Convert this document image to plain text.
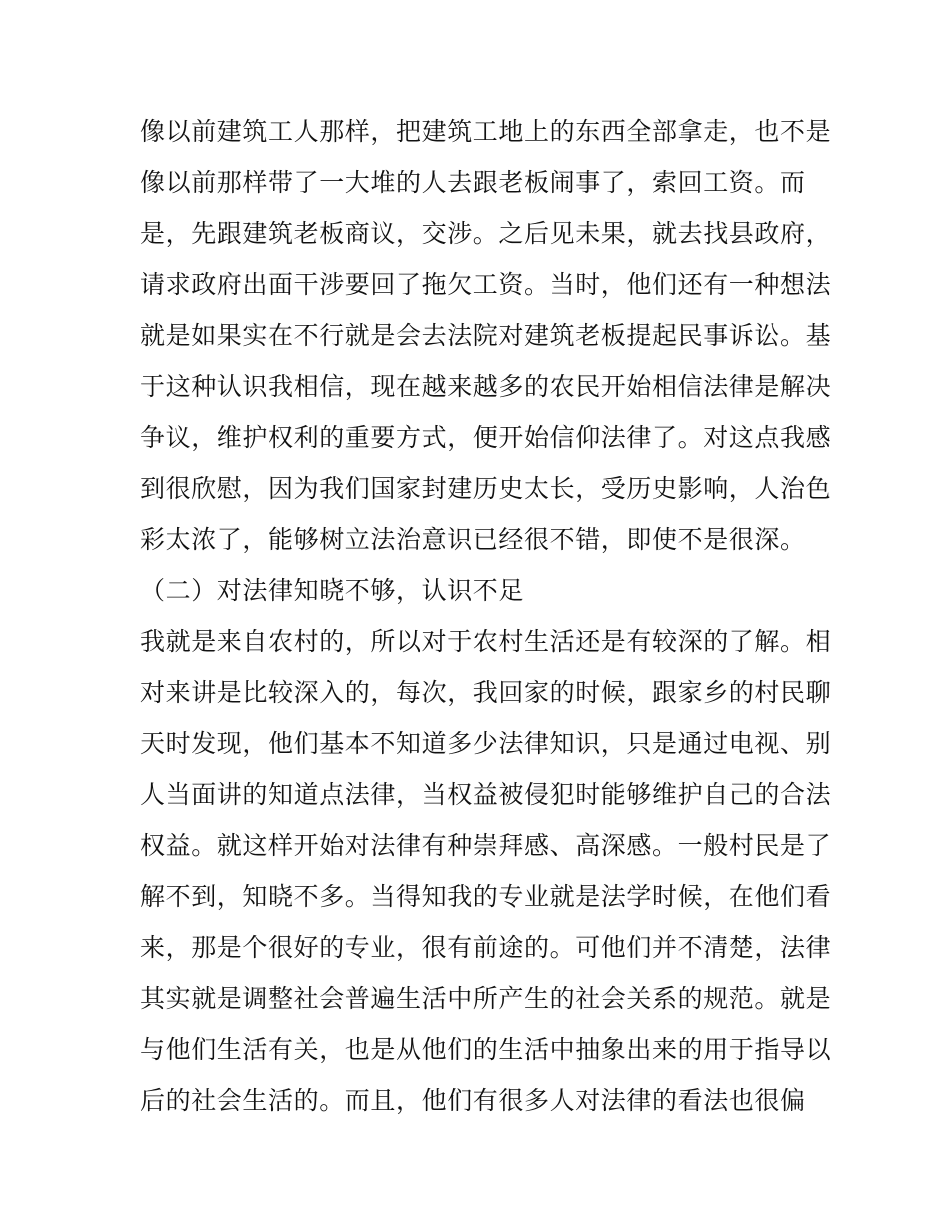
像以前建筑工人那样，把建筑工地上的东西全部拿走，也不是
像以前那样带了一大堆的人去跟老板闹事了，索回工资。而
是，先跟建筑老板商议，交涉。之后见未果，就去找县政府，
请求政府出面干涉要回了拖欠工资。当时，他们还有一种想法
就是如果实在不行就是会去法院对建筑老板提起民事诉讼。基
于这种认识我相信，现在越来越多的农民开始相信法律是解决
争议，维护权利的重要方式，便开始信仰法律了。对这点我感
到很欣慰，因为我们国家封建历史太长，受历史影响，人治色
彩太浓了，能够树立法治意识已经很不错，即使不是很深。
（二）对法律知晓不够，认识不足
我就是来自农村的，所以对于农村生活还是有较深的了解。相
对来讲是比较深入的，每次，我回家的时候，跟家乡的村民聊
天时发现，他们基本不知道多少法律知识，只是通过电视、别
人当面讲的知道点法律，当权益被侵犯时能够维护自己的合法
权益。就这样开始对法律有种崇拜感、高深感。一般村民是了
解不到，知晓不多。当得知我的专业就是法学时候，在他们看
来，那是个很好的专业，很有前途的。可他们并不清楚，法律
其实就是调整社会普遍生活中所产生的社会关系的规范。就是
与他们生活有关，也是从他们的生活中抽象出来的用于指导以
后的社会生活的。而且，他们有很多人对法律的看法也很偏
